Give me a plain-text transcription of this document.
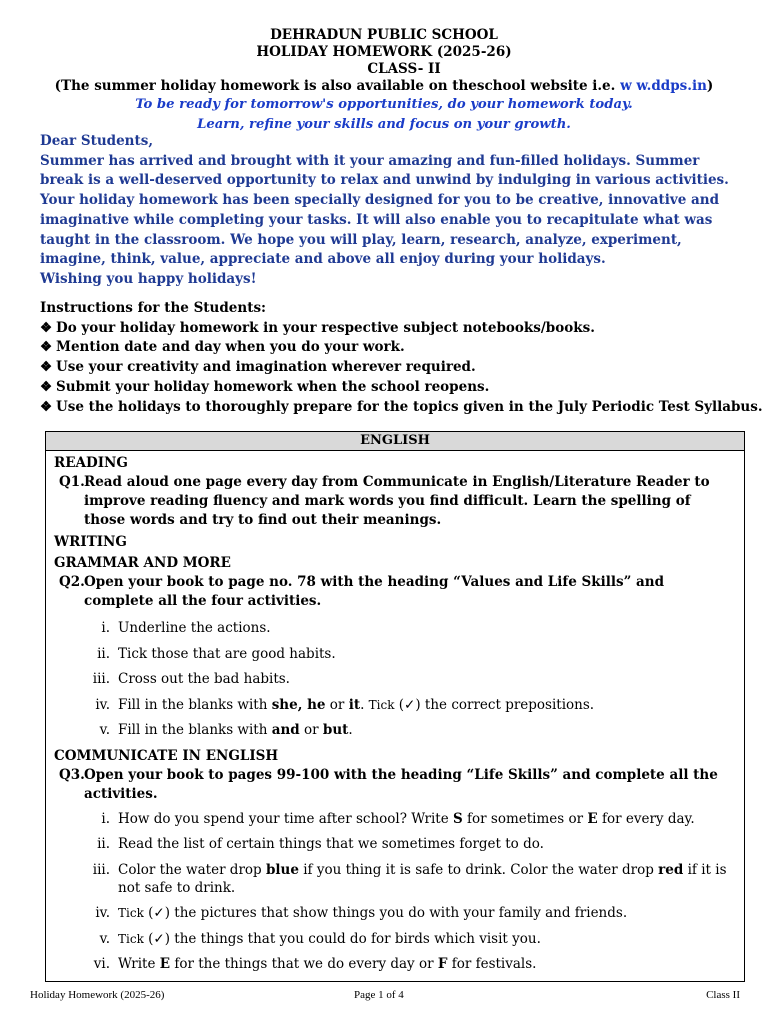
DEHRADUN PUBLIC SCHOOL
HOLIDAY HOMEWORK (2025-26)
CLASS- II
(The summer holiday homework is also available on theschool website i.e. w w.ddps.in)
To be ready for tomorrow's opportunities, do your homework today.
Learn, refine your skills and focus on your growth.

Dear Students,

Summer has arrived and brought with it your amazing and fun-filled holidays. Summer break is a well-deserved opportunity to relax and unwind by indulging in various activities. Your holiday homework has been specially designed for you to be creative, innovative and imaginative while completing your tasks. It will also enable you to recapitulate what was taught in the classroom. We hope you will play, learn, research, analyze, experiment, imagine, think, value, appreciate and above all enjoy during your holidays.

Wishing you happy holidays!

Instructions for the Students:
❖ Do your holiday homework in your respective subject notebooks/books.
❖ Mention date and day when you do your work.
❖ Use your creativity and imagination wherever required.
❖ Submit your holiday homework when the school reopens.
❖ Use the holidays to thoroughly prepare for the topics given in the July Periodic Test Syllabus.
ENGLISH
READING

Q1.Read aloud one page every day from Communicate in English/Literature Reader to improve reading fluency and mark words you find difficult. Learn the spelling of those words and try to find out their meanings.

WRITING
GRAMMAR AND MORE

Q2.Open your book to page no. 78 with the heading “Values and Life Skills” and complete all the four activities.

i. Underline the actions.
ii. Tick those that are good habits.
iii. Cross out the bad habits.
iv. Fill in the blanks with she, he or it. Tick (✓) the correct prepositions.
v. Fill in the blanks with and or but.
COMMUNICATE IN ENGLISH

Q3.Open your book to pages 99-100 with the heading “Life Skills” and complete all the activities.

i. How do you spend your time after school? Write S for sometimes or E for every day.
ii. Read the list of certain things that we sometimes forget to do.
iii. Color the water drop blue if you thing it is safe to drink. Color the water drop red if it is not safe to drink.
iv. Tick (✓) the pictures that show things you do with your family and friends.
v. Tick (✓) the things that you could do for birds which visit you.
vi. Write E for the things that we do every day or F for festivals.
Holiday Homework (2025-26)	Page 1 of 4	Class II
